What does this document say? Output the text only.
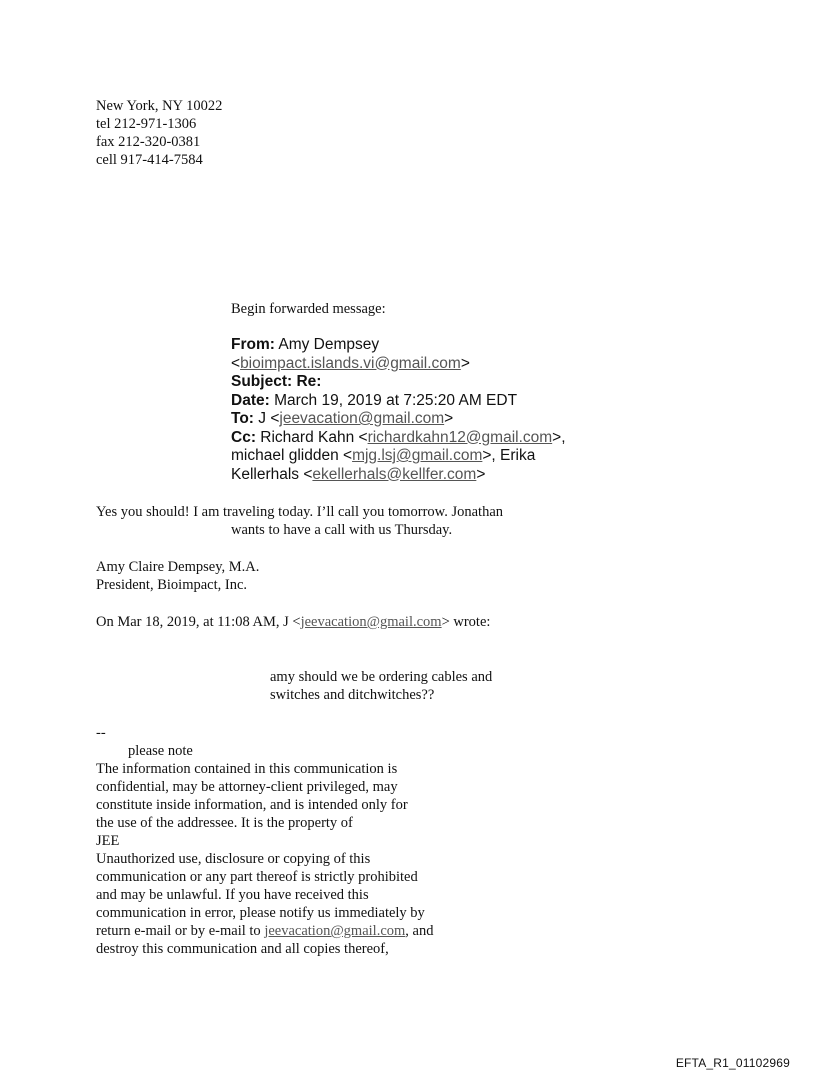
New York, NY 10022
tel 212-971-1306
fax 212-320-0381
cell 917-414-7584
Begin forwarded message:
From: Amy Dempsey
<bioimpact.islands.vi@gmail.com>
Subject: Re:
Date: March 19, 2019 at 7:25:20 AM EDT
To: J <jeevacation@gmail.com>
Cc: Richard Kahn <richardkahn12@gmail.com>,
michael glidden <mjg.lsj@gmail.com>, Erika
Kellerhals <ekellerhals@kellfer.com>
Yes you should! I am traveling today. I’ll call you tomorrow. Jonathan
wants to have a call with us Thursday.
Amy Claire Dempsey, M.A.
President, Bioimpact, Inc.
On Mar 18, 2019, at 11:08 AM, J <jeevacation@gmail.com> wrote:
amy should we be ordering cables and
switches and ditchwitches??
--
please note
The information contained in this communication is
confidential, may be attorney-client privileged, may
constitute inside information, and is intended only for
the use of the addressee. It is the property of
JEE
Unauthorized use, disclosure or copying of this
communication or any part thereof is strictly prohibited
and may be unlawful. If you have received this
communication in error, please notify us immediately by
return e-mail or by e-mail to jeevacation@gmail.com, and
destroy this communication and all copies thereof,
EFTA_R1_01102969
